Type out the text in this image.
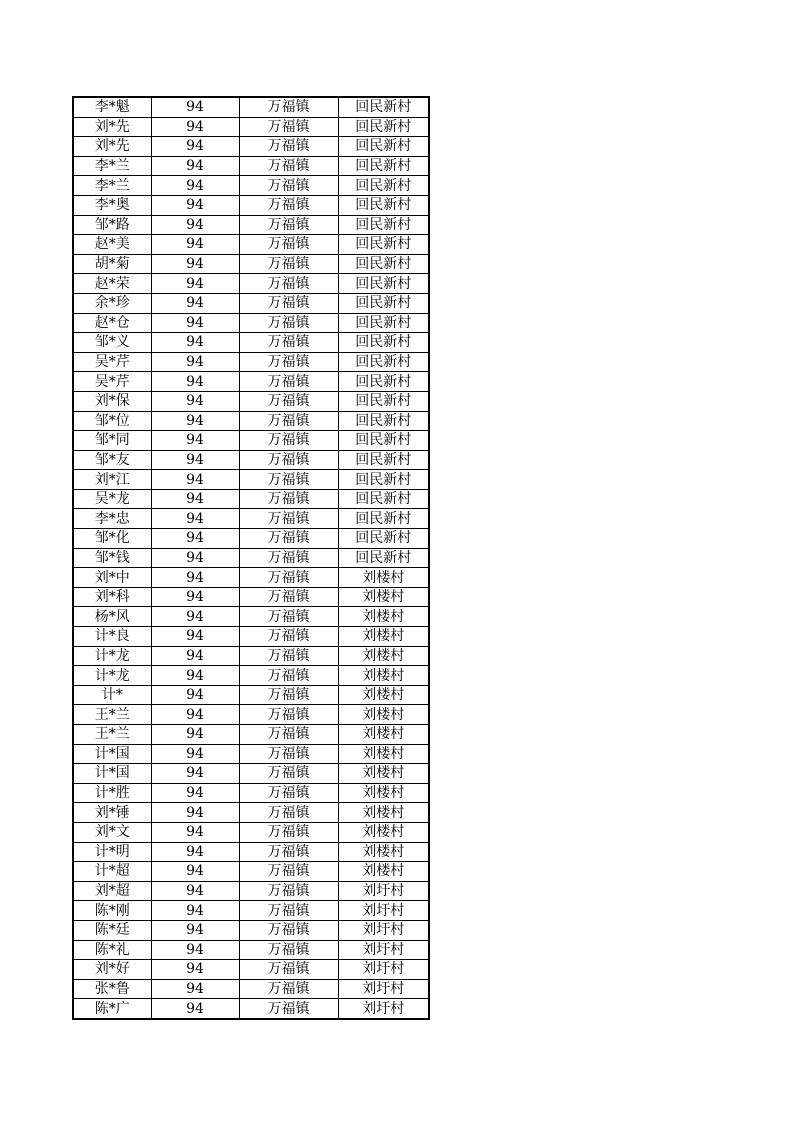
李*魁	94	万福镇	回民新村
刘*先	94	万福镇	回民新村
刘*先	94	万福镇	回民新村
李*兰	94	万福镇	回民新村
李*兰	94	万福镇	回民新村
李*奥	94	万福镇	回民新村
邹*路	94	万福镇	回民新村
赵*美	94	万福镇	回民新村
胡*菊	94	万福镇	回民新村
赵*荣	94	万福镇	回民新村
余*珍	94	万福镇	回民新村
赵*仓	94	万福镇	回民新村
邹*义	94	万福镇	回民新村
吴*芹	94	万福镇	回民新村
吴*芹	94	万福镇	回民新村
刘*保	94	万福镇	回民新村
邹*位	94	万福镇	回民新村
邹*同	94	万福镇	回民新村
邹*友	94	万福镇	回民新村
刘*江	94	万福镇	回民新村
吴*龙	94	万福镇	回民新村
李*忠	94	万福镇	回民新村
邹*化	94	万福镇	回民新村
邹*钱	94	万福镇	回民新村
刘*中	94	万福镇	刘楼村
刘*科	94	万福镇	刘楼村
杨*风	94	万福镇	刘楼村
计*良	94	万福镇	刘楼村
计*龙	94	万福镇	刘楼村
计*龙	94	万福镇	刘楼村
计*	94	万福镇	刘楼村
王*兰	94	万福镇	刘楼村
王*兰	94	万福镇	刘楼村
计*国	94	万福镇	刘楼村
计*国	94	万福镇	刘楼村
计*胜	94	万福镇	刘楼村
刘*锤	94	万福镇	刘楼村
刘*文	94	万福镇	刘楼村
计*明	94	万福镇	刘楼村
计*超	94	万福镇	刘楼村
刘*超	94	万福镇	刘圩村
陈*刚	94	万福镇	刘圩村
陈*廷	94	万福镇	刘圩村
陈*礼	94	万福镇	刘圩村
刘*好	94	万福镇	刘圩村
张*鲁	94	万福镇	刘圩村
陈*广	94	万福镇	刘圩村
